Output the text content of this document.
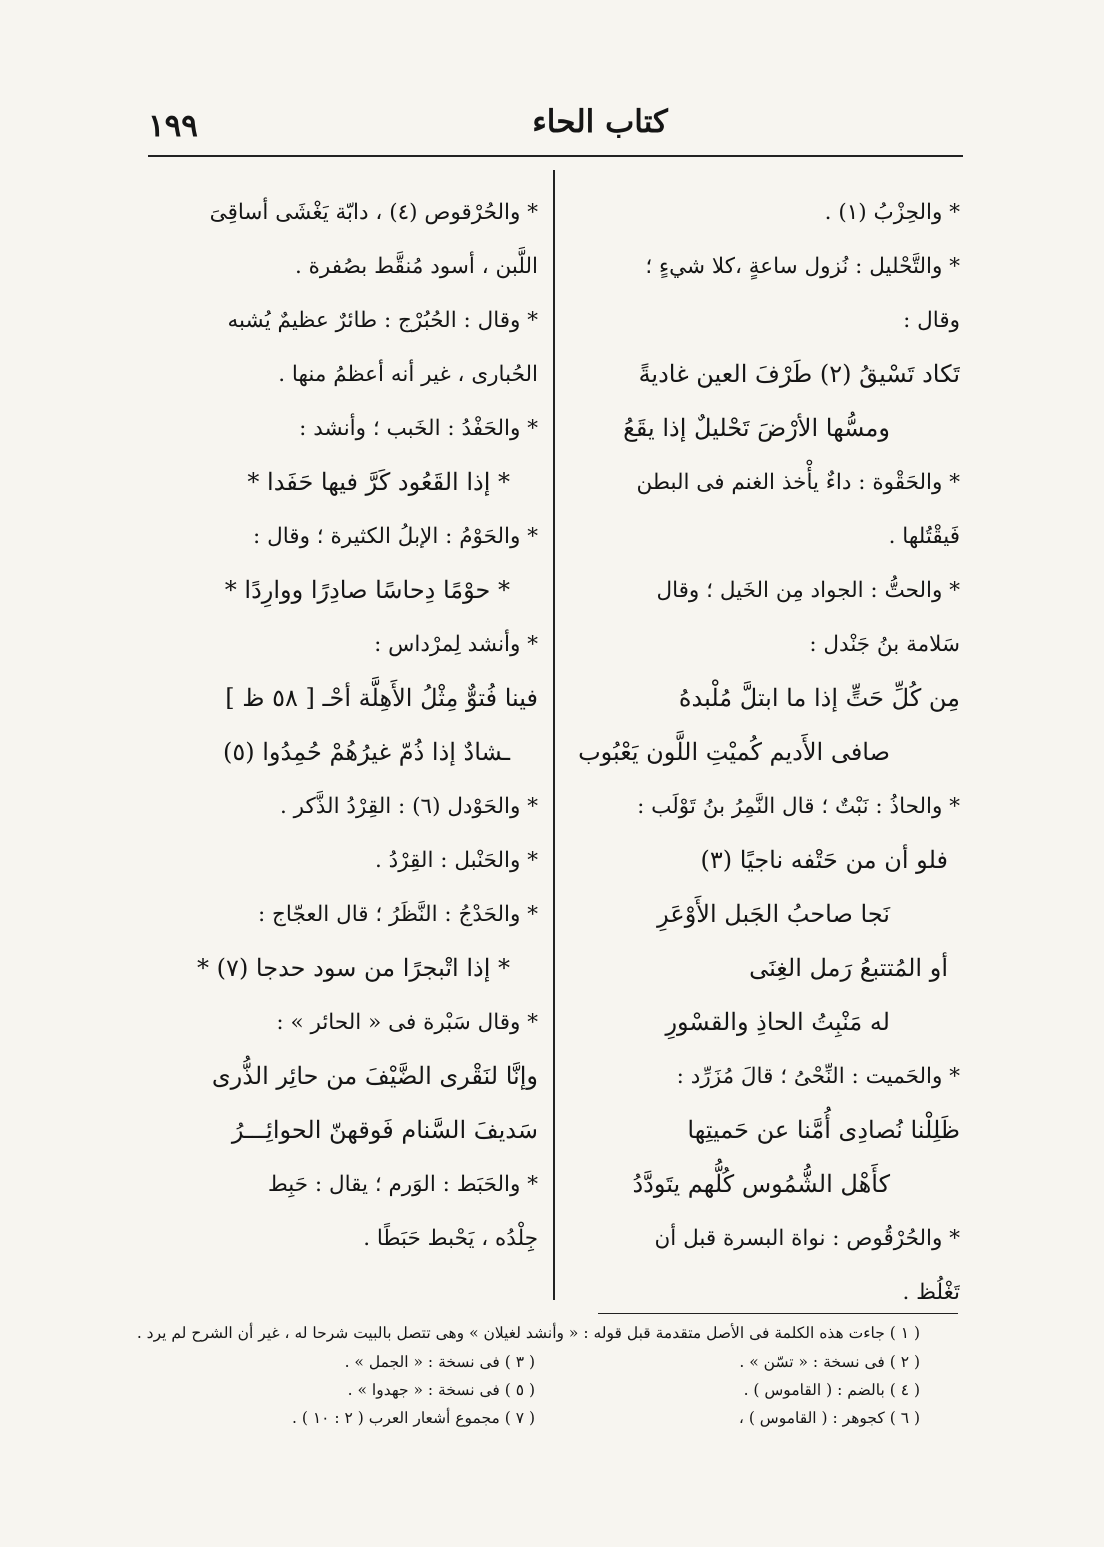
١٩٩	كتاب الحاء
* والحِزْبُ (١) .
* والتَّحْليل : نُزول ساعةٍ ،كلا شيءٍ ؛
وقال :
تَكاد تَسْيقُ (٢) طَرْفَ العين غاديةً
ومسُّها الأرْضَ تَحْليلٌ إذا يقَعُ
* والحَقْوة : داءٌ يأْخذ الغنم فى البطن
فَيقْتُلها .
* والحتُّ : الجواد مِن الخَيل ؛ وقال
سَلامة بنُ جَنْدل :
مِن كُلِّ حَتٍّ إذا ما ابتلَّ مُلْبدهُ
صافى الأَديم كُميْتِ اللَّون يَعْبُوب
* والحاذُ : نَبْتٌ ؛ قال النَّمِرُ بنُ تَوْلَب :
فلو أن من حَتْفه ناجيًا (٣)
نَجا صاحبُ الجَبل الأَوْعَرِ
أو المُتتبعُ رَمل الغِنَى
له مَنْبِتُ الحاذِ والقسْورِ
* والحَميت : النِّحْىُ ؛ قالَ مُزَرِّد :
ظَلِلْنا نُصادِى أُمَّنا عن حَميتِها
كأَهْل الشُّمُوس كُلُّهم يتَودَّدُ
* والحُرْقُوص : نواة البسرة قبل أن
تَغْلُظ .
* والحُرْقوص (٤) ، دابّة يَغْشَى أساقِىَ
اللَّبن ، أسود مُنقَّط بصُفرة .
* وقال : الحُبُرْج : طائرٌ عظيمٌ يُشبه
الحُبارى ، غير أنه أعظمُ منها .
* والحَفْدُ : الخَبب ؛ وأنشد :
* إذا القَعُود كَرَّ فيها حَفَدا *
* والحَوْمُ : الإبلُ الكثيرة ؛ وقال :
* حوْمًا دِحاسًا صادِرًا ووارِدًا *
* وأنشد لِمرْداس :
فينا فُتوٌّ مِثْلُ الأَهِلَّة أحْـ [ ٥٨ ظ ]
ـشادٌ إذا ذُمّ غيرُهُمْ حُمِدُوا (٥)
* والحَوْدل (٦) : القِرْدُ الذَّكر .
* والحَنْبل : القِرْدُ .
* والحَدْجُ : النَّظَرُ ؛ قال العجّاج :
* إذا اتْبجرًا من سود حدجا (٧) *
* وقال سَبْرة فى « الحائر » :
وإنَّا لنَقْرى الضَّيْفَ من حائِر الذُّرى
سَديفَ السَّنام فَوقهنّ الحوائِـــرُ
* والحَبَط : الوَرم ؛ يقال : حَبِط
جِلْدُه ، يَحْبط حَبَطًا .
( ١ ) جاءت هذه الكلمة فى الأصل متقدمة قبل قوله : « وأنشد لغيلان » وهى تتصل بالبيت شرحا له ، غير أن الشرح لم يرد .
( ٢ ) فى نسخة : « تسّن » .
( ٣ ) فى نسخة : « الجمل » .
( ٤ ) بالضم : ( القاموس ) .
( ٥ ) فى نسخة : « جهدوا » .
( ٦ ) كجوهر : ( القاموس ) ،
( ٧ ) مجموع أشعار العرب ( ٢ : ١٠ ) .
